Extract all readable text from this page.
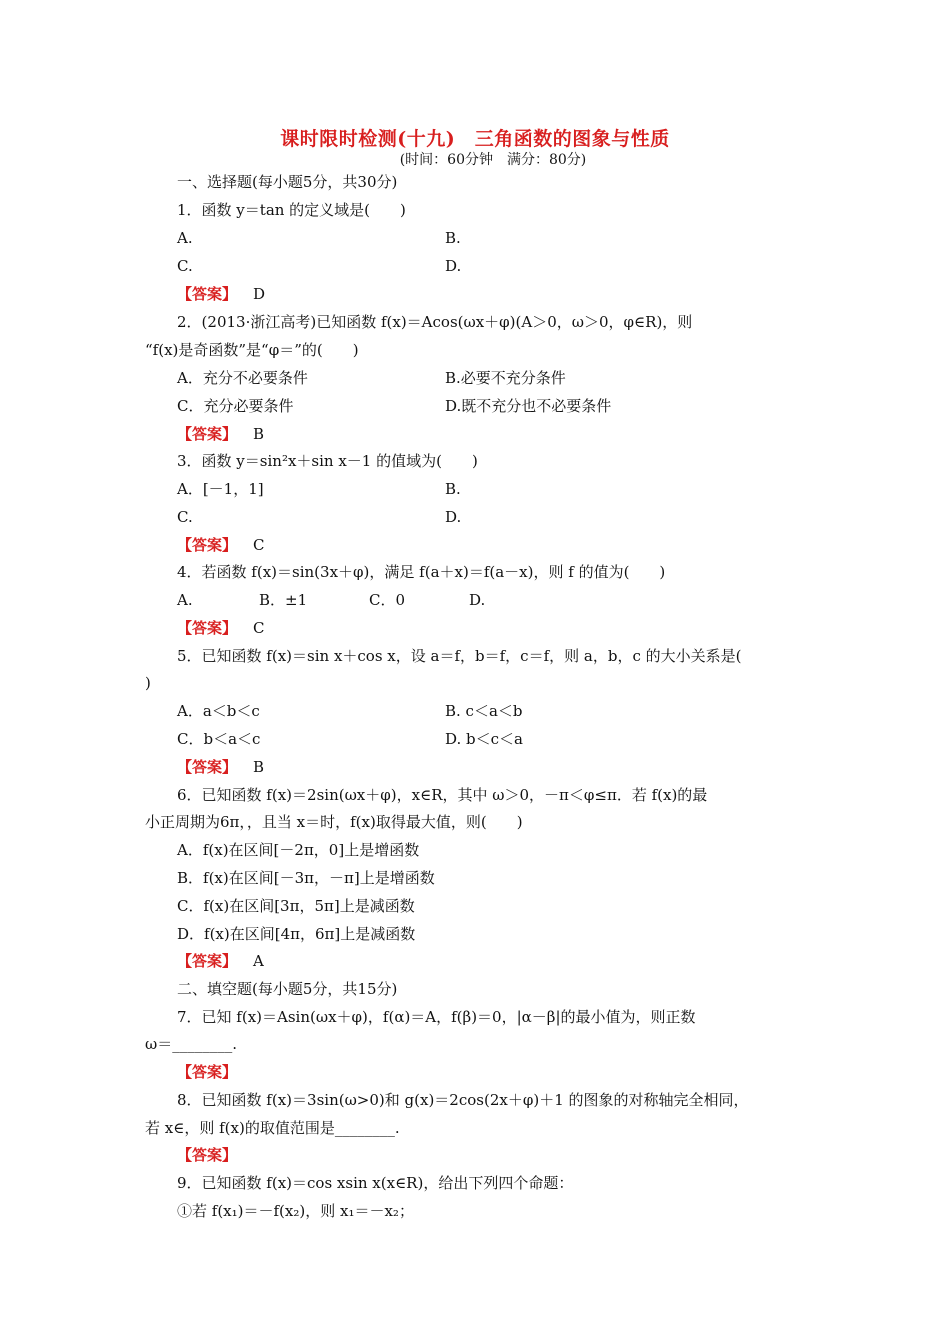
课时限时检测(十九)　三角函数的图象与性质
(时间：60分钟　满分：80分)
一、选择题(每小题5分，共30分)
1．函数 y＝tan 的定义域是(　　)
A.	B.
C.	D.
【答案】 D
2．(2013·浙江高考)已知函数 f(x)＝Acos(ωx＋φ)(A＞0，ω＞0，φ∈R)，则
“f(x)是奇函数”是“φ＝”的(　　)
A．充分不必要条件	B.必要不充分条件
C．充分必要条件	D.既不充分也不必要条件
【答案】 B
3．函数 y＝sin²x＋sin x－1 的值域为(　　)
A．[－1，1]	B.
C.	D.
【答案】 C
4．若函数 f(x)＝sin(3x＋φ)，满足 f(a＋x)＝f(a－x)，则 f 的值为(　　)
A.	B．±1	C．0	D.
【答案】 C
5．已知函数 f(x)＝sin x＋cos x，设 a＝f，b＝f，c＝f，则 a，b，c 的大小关系是(
)
A．a＜b＜c	B. c＜a＜b
C．b＜a＜c	D. b＜c＜a
【答案】 B
6．已知函数 f(x)＝2sin(ωx＋φ)，x∈R，其中 ω＞0，－π＜φ≤π．若 f(x)的最
小正周期为6π，，且当 x＝时，f(x)取得最大值，则(　　)
A．f(x)在区间[－2π，0]上是增函数
B．f(x)在区间[－3π，－π]上是增函数
C．f(x)在区间[3π，5π]上是减函数
D．f(x)在区间[4π，6π]上是减函数
【答案】 A
二、填空题(每小题5分，共15分)
7．已知 f(x)＝Asin(ωx＋φ)，f(α)＝A，f(β)＝0，|α－β|的最小值为，则正数
ω＝________.
【答案】
8．已知函数 f(x)＝3sin(ω>0)和 g(x)＝2cos(2x＋φ)＋1 的图象的对称轴完全相同，
若 x∈，则 f(x)的取值范围是________.
【答案】
9．已知函数 f(x)＝cos xsin x(x∈R)，给出下列四个命题：
①若 f(x₁)＝－f(x₂)，则 x₁＝－x₂；
